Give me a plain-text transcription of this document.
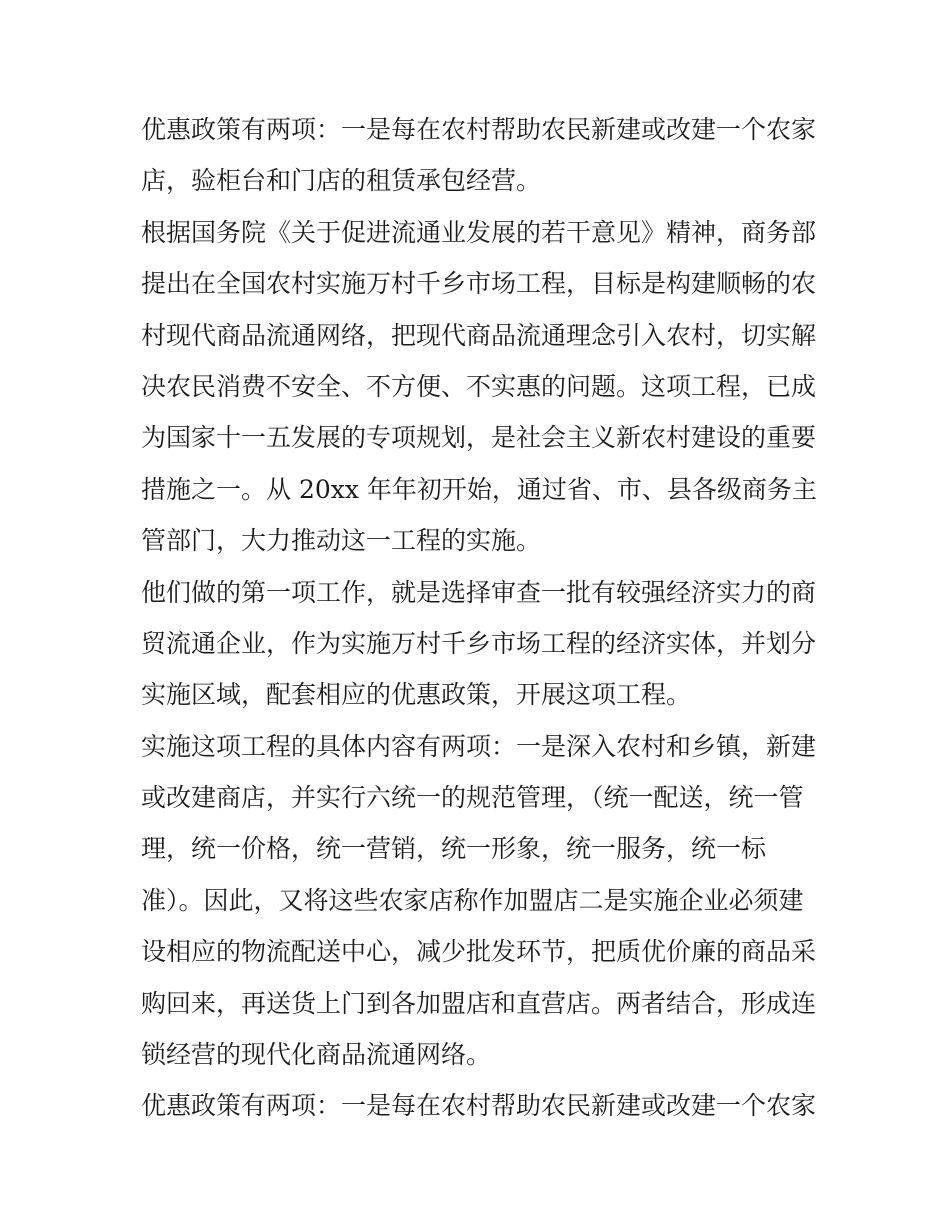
优惠政策有两项：一是每在农村帮助农民新建或改建一个农家
店，验柜台和门店的租赁承包经营。
根据国务院《关于促进流通业发展的若干意见》精神，商务部
提出在全国农村实施万村千乡市场工程，目标是构建顺畅的农
村现代商品流通网络，把现代商品流通理念引入农村，切实解
决农民消费不安全、不方便、不实惠的问题。这项工程，已成
为国家十一五发展的专项规划，是社会主义新农村建设的重要
措施之一。从 20xx 年年初开始，通过省、市、县各级商务主
管部门，大力推动这一工程的实施。
他们做的第一项工作，就是选择审查一批有较强经济实力的商
贸流通企业，作为实施万村千乡市场工程的经济实体，并划分
实施区域，配套相应的优惠政策，开展这项工程。
实施这项工程的具体内容有两项：一是深入农村和乡镇，新建
或改建商店，并实行六统一的规范管理，（统一配送，统一管
理，统一价格，统一营销，统一形象，统一服务，统一标
准）。因此，又将这些农家店称作加盟店二是实施企业必须建
设相应的物流配送中心，减少批发环节，把质优价廉的商品采
购回来，再送货上门到各加盟店和直营店。两者结合，形成连
锁经营的现代化商品流通网络。
优惠政策有两项：一是每在农村帮助农民新建或改建一个农家
